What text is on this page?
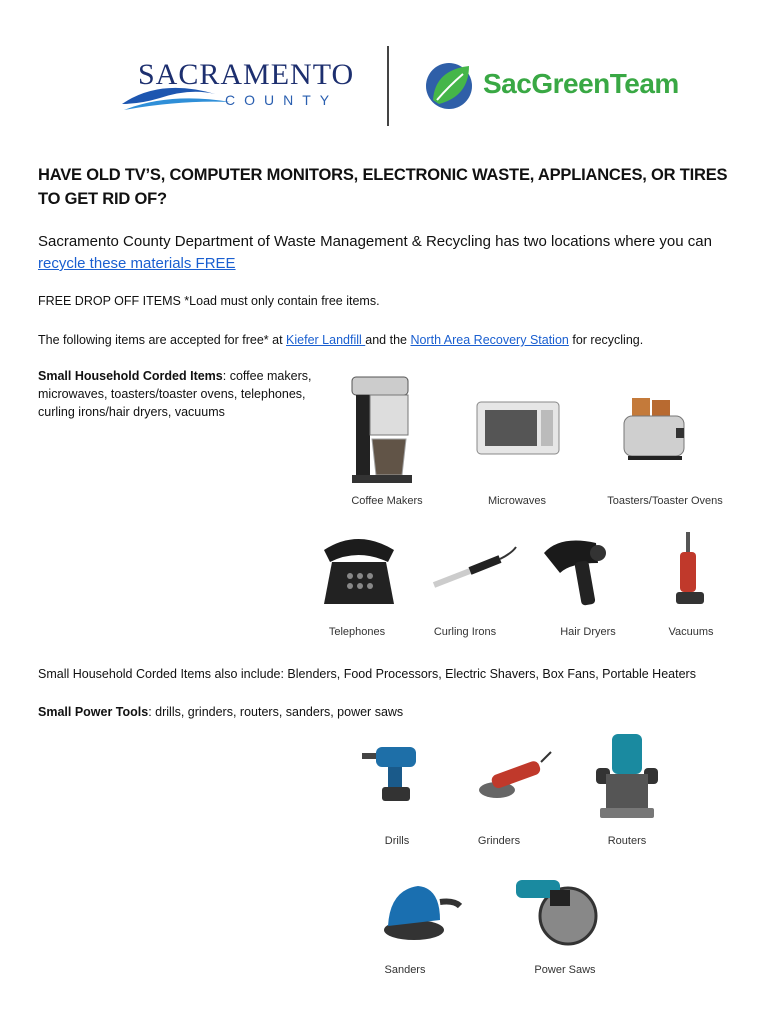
SACRAMENTO
COUNTY
SacGreenTeam
HAVE OLD TV’S, COMPUTER MONITORS, ELECTRONIC WASTE, APPLIANCES, OR TIRES TO GET RID OF?
Sacramento County Department of Waste Management & Recycling has two locations where you can recycle these materials FREE
FREE DROP OFF ITEMS *Load must only contain free items.
The following items are accepted for free* at Kiefer Landfill and the North Area Recovery Station for recycling.
Small Household Corded Items: coffee makers, microwaves, toasters/toaster ovens, telephones, curling irons/hair dryers, vacuums
Coffee Makers	Microwaves	Toasters/Toaster Ovens
Telephones	Curling Irons	Hair Dryers	Vacuums
Small Household Corded Items also include: Blenders, Food Processors, Electric Shavers, Box Fans, Portable Heaters
Small Power Tools: drills, grinders, routers, sanders, power saws
Drills	Grinders	Routers
Sanders	Power Saws
